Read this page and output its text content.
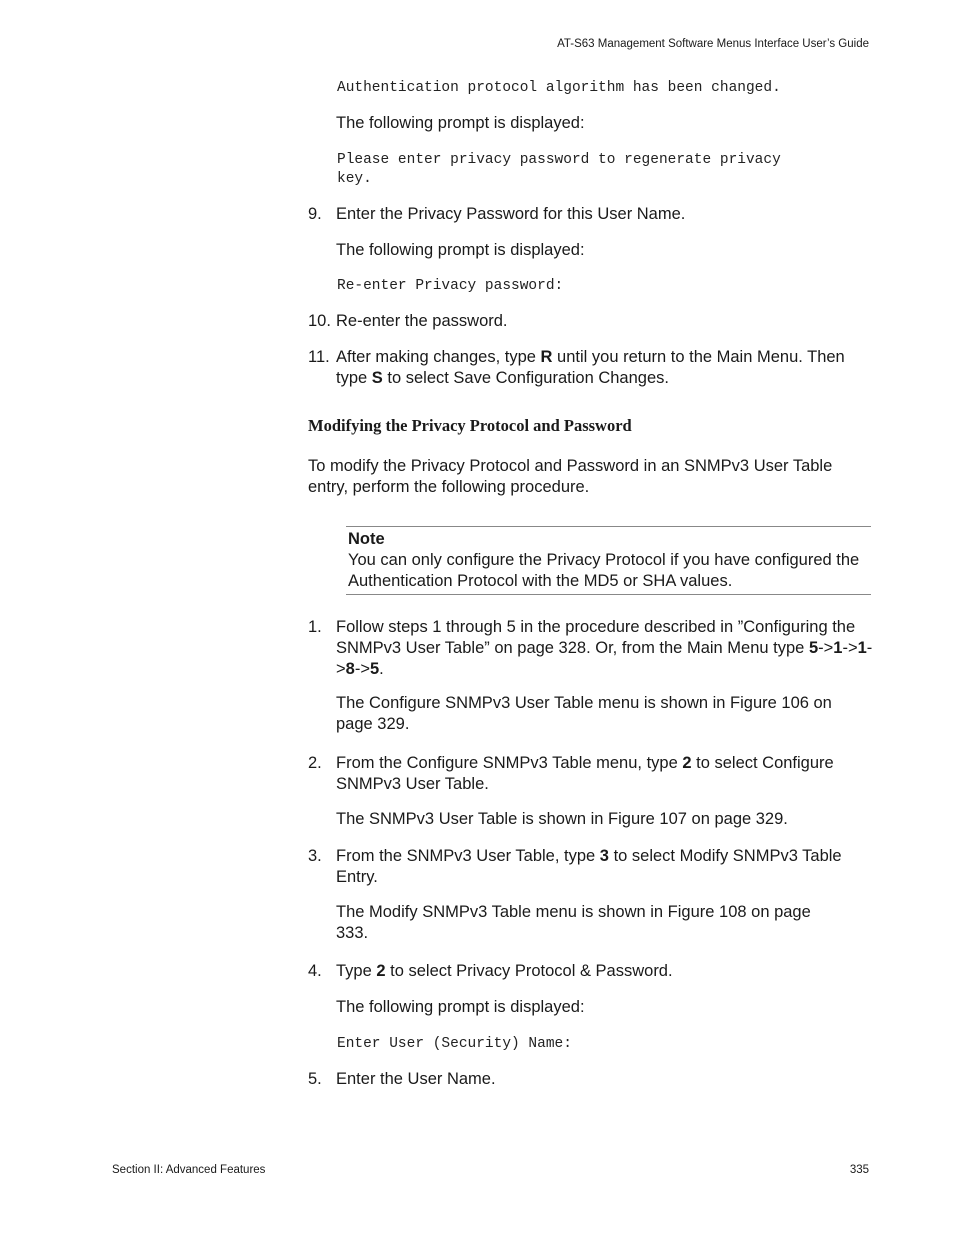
AT-S63 Management Software Menus Interface User’s Guide
Authentication protocol algorithm has been changed.
The following prompt is displayed:
Please enter privacy password to regenerate privacy
key.
9. Enter the Privacy Password for this User Name.
The following prompt is displayed:
Re-enter Privacy password:
10. Re-enter the password.
11. After making changes, type R until you return to the Main Menu. Then type S to select Save Configuration Changes.
Modifying the Privacy Protocol and Password
To modify the Privacy Protocol and Password in an SNMPv3 User Table entry, perform the following procedure.
Note
You can only configure the Privacy Protocol if you have configured the Authentication Protocol with the MD5 or SHA values.
1. Follow steps 1 through 5 in the procedure described in ”Configuring the SNMPv3 User Table” on page 328. Or, from the Main Menu type 5->1->1->8->5.
The Configure SNMPv3 User Table menu is shown in Figure 106 on page 329.
2. From the Configure SNMPv3 Table menu, type 2 to select Configure SNMPv3 User Table.
The SNMPv3 User Table is shown in Figure 107 on page 329.
3. From the SNMPv3 User Table, type 3 to select Modify SNMPv3 Table Entry.
The Modify SNMPv3 Table menu is shown in Figure 108 on page 333.
4. Type 2 to select Privacy Protocol & Password.
The following prompt is displayed:
Enter User (Security) Name:
5. Enter the User Name.
Section II: Advanced Features	335
